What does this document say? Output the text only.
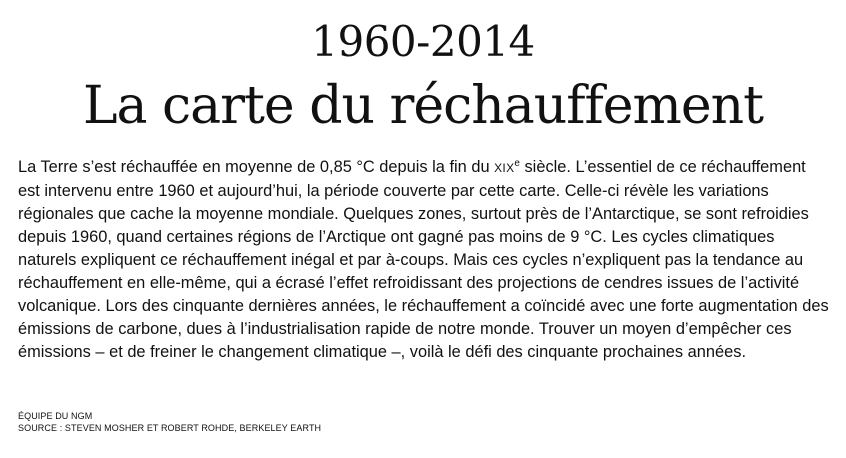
1960-2014
La carte du réchauffement

La Terre s’est réchauffée en moyenne de 0,85 °C depuis la fin du XIXe siècle. L’essentiel de ce réchauffement est intervenu entre 1960 et aujourd’hui, la période couverte par cette carte. Celle-ci révèle les variations régionales que cache la moyenne mondiale. Quelques zones, surtout près de l’Antarctique, se sont refroidies depuis 1960, quand certaines régions de l’Arctique ont gagné pas moins de 9 °C. Les cycles climatiques naturels expliquent ce réchauffement inégal et par à-coups. Mais ces cycles n’expliquent pas la tendance au réchauffement en elle-même, qui a écrasé l’effet refroidissant des projections de cendres issues de l’activité volcanique. Lors des cinquante dernières années, le réchauffement a coïncidé avec une forte augmentation des émissions de carbone, dues à l’industrialisation rapide de notre monde. Trouver un moyen d’empêcher ces émissions – et de freiner le changement climatique –, voilà le défi des cinquante prochaines années.

ÉQUIPE DU NGM
SOURCE : STEVEN MOSHER ET ROBERT ROHDE, BERKELEY EARTH
